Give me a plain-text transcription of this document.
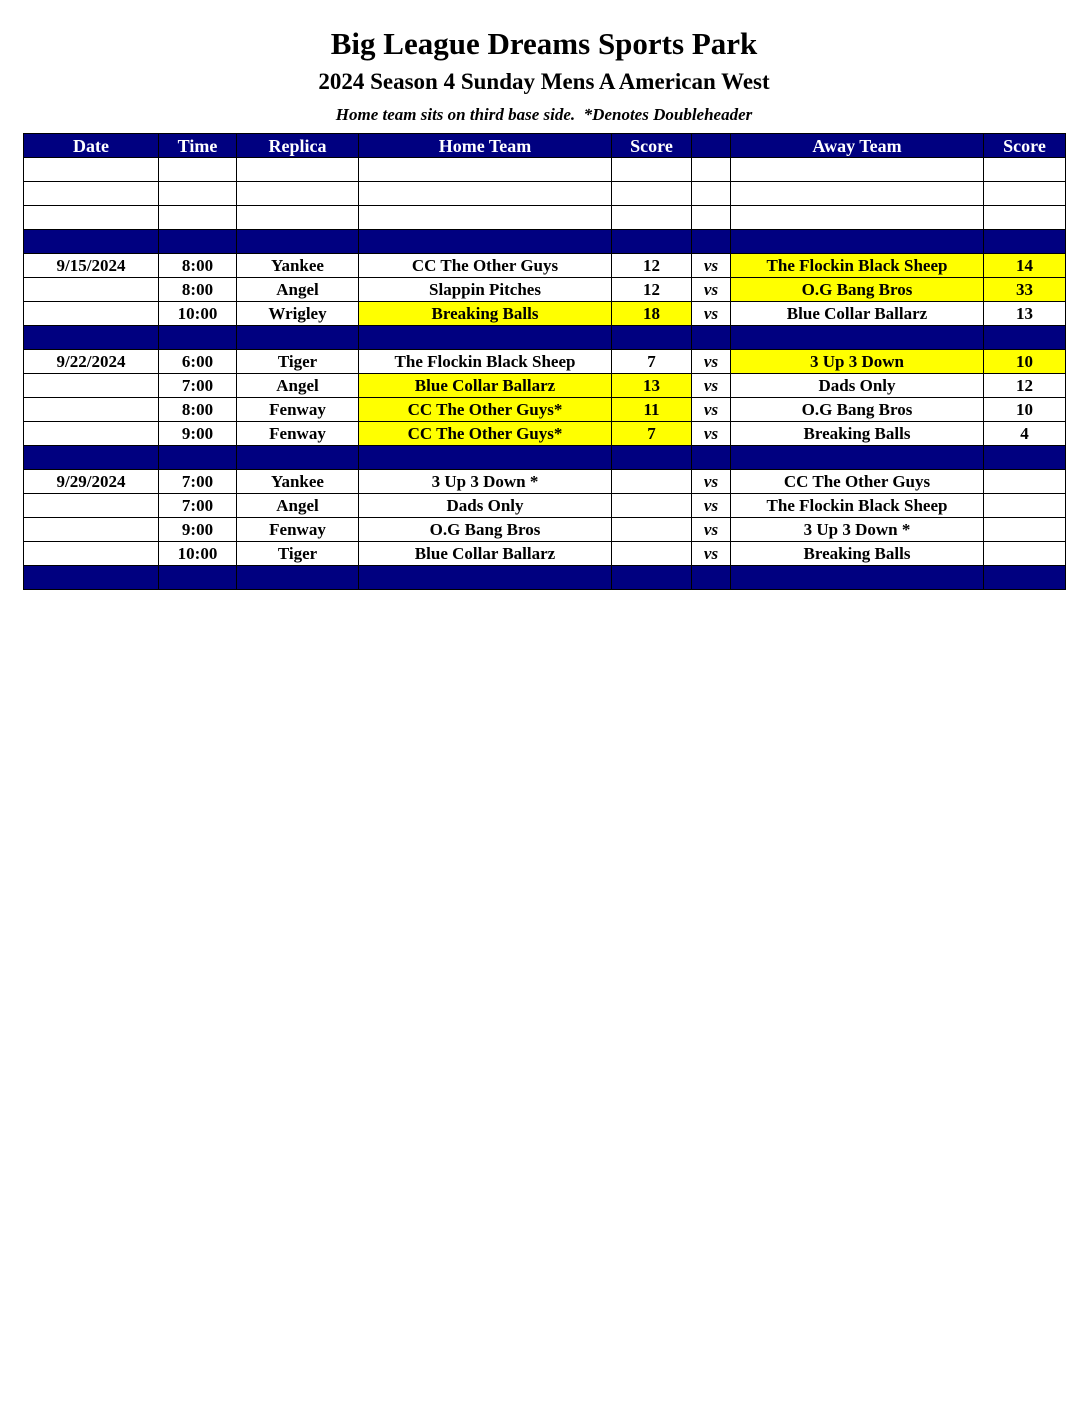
Big League Dreams Sports Park
2024 Season 4 Sunday Mens A American West
Home team sits on third base side.  *Denotes Doubleheader
Date	Time	Replica	Home Team	Score		Away Team	Score

9/15/2024	8:00	Yankee	CC The Other Guys	12	vs	The Flockin Black Sheep	14
	8:00	Angel	Slappin Pitches	12	vs	O.G Bang Bros	33
	10:00	Wrigley	Breaking Balls	18	vs	Blue Collar Ballarz	13

9/22/2024	6:00	Tiger	The Flockin Black Sheep	7	vs	3 Up 3 Down	10
	7:00	Angel	Blue Collar Ballarz	13	vs	Dads Only	12
	8:00	Fenway	CC The Other Guys*	11	vs	O.G Bang Bros	10
	9:00	Fenway	CC The Other Guys*	7	vs	Breaking Balls	4

9/29/2024	7:00	Yankee	3 Up 3 Down *		vs	CC The Other Guys	
	7:00	Angel	Dads Only		vs	The Flockin Black Sheep	
	9:00	Fenway	O.G Bang Bros		vs	3 Up 3 Down *	
	10:00	Tiger	Blue Collar Ballarz		vs	Breaking Balls	
